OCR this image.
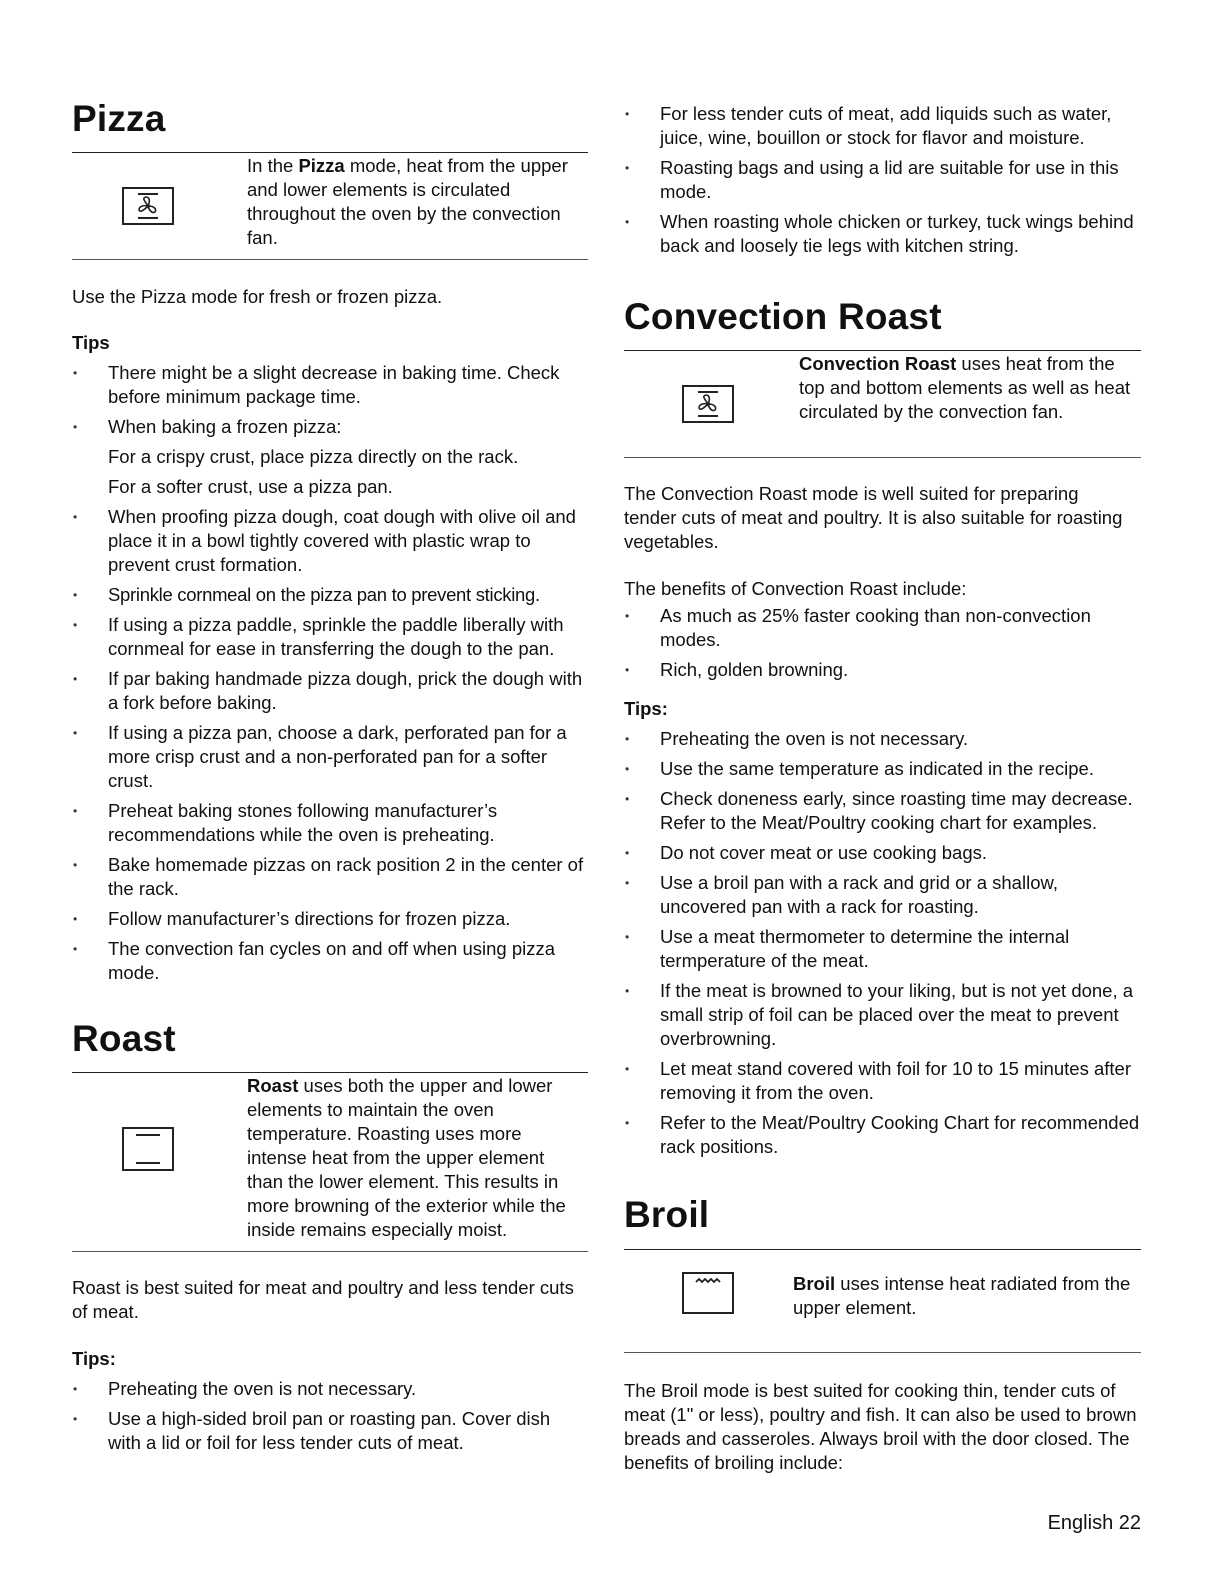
Pizza
In the Pizza mode, heat from the upper and lower elements is circulated throughout the oven by the convection fan.

Use the Pizza mode for fresh or frozen pizza.

Tips

• There might be a slight decrease in baking time. Check before minimum package time.
• When baking a frozen pizza:
For a crispy crust, place pizza directly on the rack.
For a softer crust, use a pizza pan.
• When proofing pizza dough, coat dough with olive oil and place it in a bowl tightly covered with plastic wrap to prevent crust formation.
• Sprinkle cornmeal on the pizza pan to prevent sticking.
• If using a pizza paddle, sprinkle the paddle liberally with cornmeal for ease in transferring the dough to the pan.
• If par baking handmade pizza dough, prick the dough with a fork before baking.
• If using a pizza pan, choose a dark, perforated pan for a more crisp crust and a non-perforated pan for a softer crust.
• Preheat baking stones following manufacturer’s recommendations while the oven is preheating.
• Bake homemade pizzas on rack position 2 in the center of the rack.
• Follow manufacturer’s directions for frozen pizza.
• The convection fan cycles on and off when using pizza mode.
Roast
Roast uses both the upper and lower elements to maintain the oven temperature. Roasting uses more intense heat from the upper element than the lower element. This results in more browning of the exterior while the inside remains especially moist.

Roast is best suited for meat and poultry and less tender cuts of meat.

Tips:

• Preheating the oven is not necessary.
• Use a high-sided broil pan or roasting pan. Cover dish with a lid or foil for less tender cuts of meat.
• For less tender cuts of meat, add liquids such as water, juice, wine, bouillon or stock for flavor and moisture.
• Roasting bags and using a lid are suitable for use in this mode.
• When roasting whole chicken or turkey, tuck wings behind back and loosely tie legs with kitchen string.
Convection Roast
Convection Roast uses heat from the top and bottom elements as well as heat circulated by the convection fan.

The Convection Roast mode is well suited for preparing tender cuts of meat and poultry. It is also suitable for roasting vegetables.

The benefits of Convection Roast include:

• As much as 25% faster cooking than non-convection modes.
• Rich, golden browning.

Tips:

• Preheating the oven is not necessary.
• Use the same temperature as indicated in the recipe.
• Check doneness early, since roasting time may decrease. Refer to the Meat/Poultry cooking chart for examples.
• Do not cover meat or use cooking bags.
• Use a broil pan with a rack and grid or a shallow, uncovered pan with a rack for roasting.
• Use a meat thermometer to determine the internal termperature of the meat.
• If the meat is browned to your liking, but is not yet done, a small strip of foil can be placed over the meat to prevent overbrowning.
• Let meat stand covered with foil for 10 to 15 minutes after removing it from the oven.
• Refer to the Meat/Poultry Cooking Chart for recommended rack positions.
Broil
Broil uses intense heat radiated from the upper element.

The Broil mode is best suited for cooking thin, tender cuts of meat (1" or less), poultry and fish. It can also be used to brown breads and casseroles. Always broil with the door closed. The benefits of broiling include:

English 22
